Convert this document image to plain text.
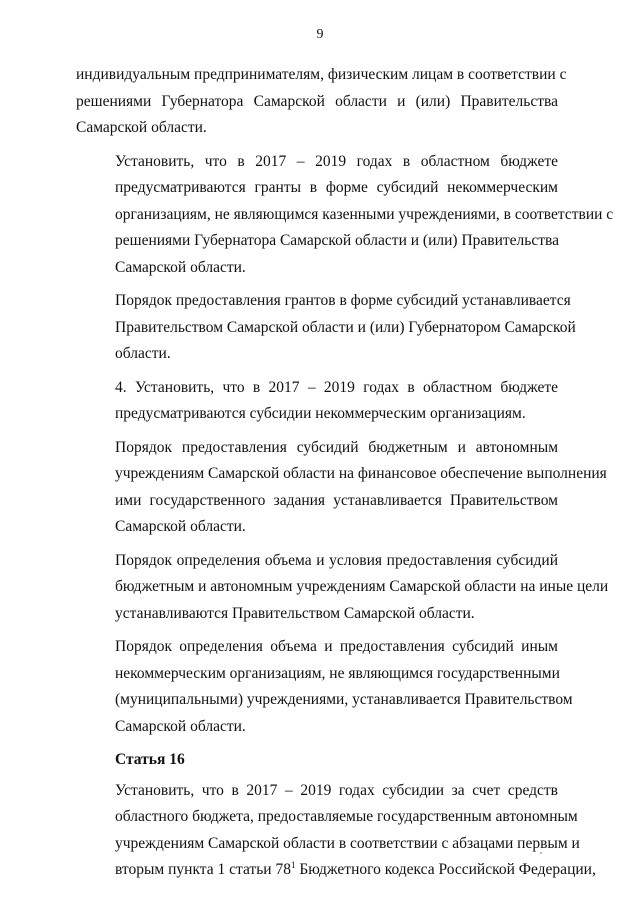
9

индивидуальным предпринимателям, физическим лицам в соответствии с
решениями Губернатора Самарской области и (или) Правительства
Самарской области.

Установить, что в 2017 – 2019 годах в областном бюджете
предусматриваются гранты в форме субсидий некоммерческим
организациям, не являющимся казенными учреждениями, в соответствии с
решениями Губернатора Самарской области и (или) Правительства
Самарской области.

Порядок предоставления грантов в форме субсидий устанавливается
Правительством Самарской области и (или) Губернатором Самарской
области.

4. Установить, что в 2017 – 2019 годах в областном бюджете
предусматриваются субсидии некоммерческим организациям.

Порядок предоставления субсидий бюджетным и автономным
учреждениям Самарской области на финансовое обеспечение выполнения
ими государственного задания устанавливается Правительством
Самарской области.

Порядок определения объема и условия предоставления субсидий
бюджетным и автономным учреждениям Самарской области на иные цели
устанавливаются Правительством Самарской области.

Порядок определения объема и предоставления субсидий иным
некоммерческим организациям, не являющимся государственными
(муниципальными) учреждениями, устанавливается Правительством
Самарской области.

Статья 16

Установить, что в 2017 – 2019 годах субсидии за счет средств
областного бюджета, предоставляемые государственным автономным
учреждениям Самарской области в соответствии с абзацами первым и
вторым пункта 1 статьи $78^1$ Бюджетного кодекса Российской Федерации,
